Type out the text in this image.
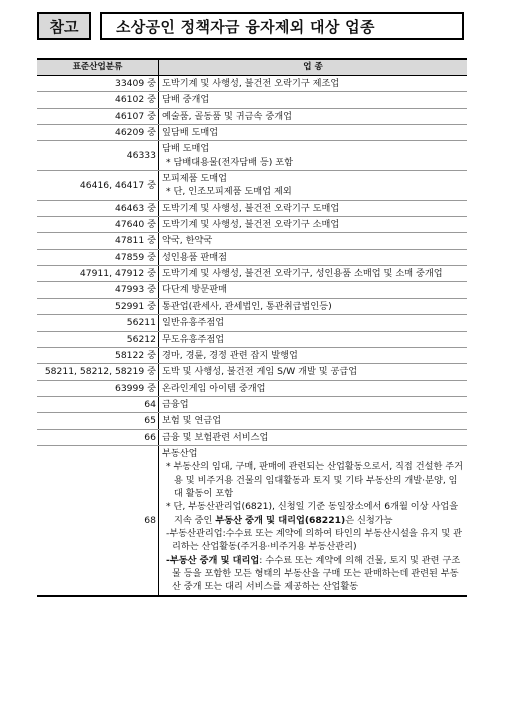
참고	소상공인 정책자금 융자제외 대상 업종
표준산업분류	업 종
33409 중	도박기계 및 사행성, 불건전 오락기구 제조업

46102 중	담배 중개업

46107 중	예술품, 골동품 및 귀금속 중개업

46209 중	잎담배 도매업

46333	담배 도매업
* 담배대용물(전자담배 등) 포함

46416, 46417 중	모피제품 도매업
* 단, 인조모피제품 도매업 제외

46463 중	도박기계 및 사행성, 불건전 오락기구 도매업

47640 중	도박기계 및 사행성, 불건전 오락기구 소매업

47811 중	약국, 한약국

47859 중	성인용품 판매점

47911, 47912 중	도박기계 및 사행성, 불건전 오락기구, 성인용품 소매업 및 소매 중개업

47993 중	다단계 방문판매

52991 중	통관업(관세사, 관세법인, 통관취급법인등)

56211	일반유흥주점업

56212	무도유흥주점업

58122 중	경마, 경륜, 경정 관련 잡지 발행업

58211, 58212, 58219 중	도박 및 사행성, 불건전 게임 S/W 개발 및 공급업

63999 중	온라인게임 아이템 중개업

64	금융업

65	보험 및 연금업

66	금융 및 보험관련 서비스업

68	부동산업
* 부동산의 임대, 구매, 판매에 관련되는 산업활동으로서, 직접 건설한 주거용 및 비주거용 건물의 임대활동과 토지 및 기타 부동산의 개발·분양, 임대 활동이 포함
* 단, 부동산관리업(6821), 신청일 기준 동일장소에서 6개월 이상 사업을 지속 중인 부동산 중개 및 대리업(68221)은 신청가능
-부동산관리업:수수료 또는 계약에 의하여 타인의 부동산시설을 유지 및 관리하는 산업활동(주거용·비주거용 부동산관리)
-부동산 중개 및 대리업: 수수료 또는 계약에 의해 건물, 토지 및 관련 구조물 등을 포함한 모든 형태의 부동산을 구매 또는 판매하는데 관련된 부동산 중개 또는 대리 서비스를 제공하는 산업활동
